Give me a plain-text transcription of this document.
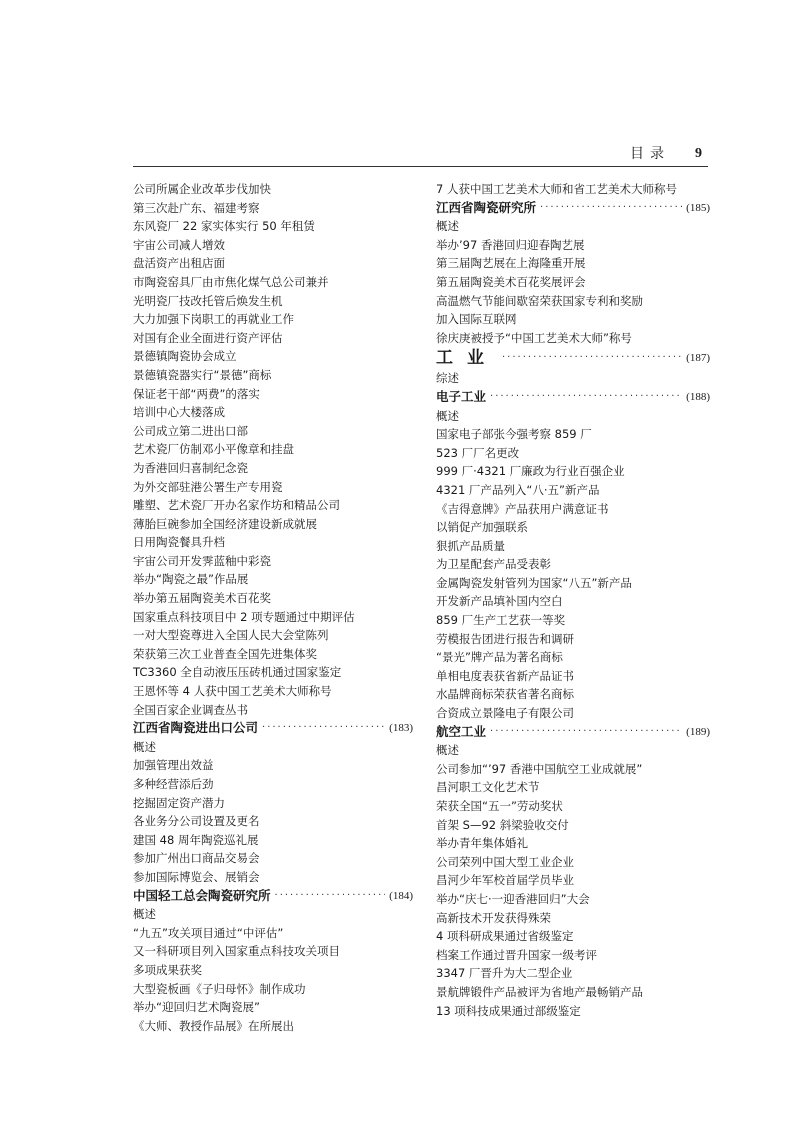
目录 9
公司所属企业改革步伐加快
第三次赴广东、福建考察
东风瓷厂 22 家实体实行 50 年租赁
宇宙公司减人增效
盘活资产出租店面
市陶瓷窑具厂由市焦化煤气总公司兼并
光明瓷厂技改托管后焕发生机
大力加强下岗职工的再就业工作
对国有企业全面进行资产评估
景德镇陶瓷协会成立
景德镇瓷器实行“景德”商标
保证老干部“两费”的落实
培训中心大楼落成
公司成立第二进出口部
艺术瓷厂仿制邓小平像章和挂盘
为香港回归喜制纪念瓷
为外交部驻港公署生产专用瓷
雕塑、艺术瓷厂开办名家作坊和精品公司
薄胎巨碗参加全国经济建设新成就展
日用陶瓷餐具升档
宇宙公司开发霁蓝釉中彩瓷
举办“陶瓷之最”作品展
举办第五届陶瓷美术百花奖
国家重点科技项目中 2 项专题通过中期评估
一对大型瓷尊进入全国人民大会堂陈列
荣获第三次工业普查全国先进集体奖
TC3360 全自动液压压砖机通过国家鉴定
王恩怀等 4 人获中国工艺美术大师称号
全国百家企业调查丛书
江西省陶瓷进出口公司 ·····	(183)
概述
加强管理出效益
多种经营添后劲
挖掘固定资产潜力
各业务分公司设置及更名
建国 48 周年陶瓷巡礼展
参加广州出口商品交易会
参加国际博览会、展销会
中国轻工总会陶瓷研究所 ·····	(184)
概述
“九五”攻关项目通过“中评估”
又一科研项目列入国家重点科技攻关项目
多项成果获奖
大型瓷板画《子归母怀》制作成功
举办“迎回归艺术陶瓷展”
《大师、教授作品展》在所展出
7 人获中国工艺美术大师和省工艺美术大师称号
江西省陶瓷研究所 ·····	(185)
概述
举办’97 香港回归迎春陶艺展
第三届陶艺展在上海隆重开展
第五届陶瓷美术百花奖展评会
高温燃气节能间歇窑荣获国家专利和奖励
加入国际互联网
徐庆庚被授予“中国工艺美术大师”称号
工业 ·····	(187)
综述
电子工业 ·····	(188)
概述
国家电子部张今强考察 859 厂
523 厂厂名更改
999 厂·4321 厂廉政为行业百强企业
4321 厂产品列入“八·五”新产品
《吉得意牌》产品获用户满意证书
以销促产加强联系
狠抓产品质量
为卫星配套产品受表彰
金属陶瓷发射管列为国家“八五”新产品
开发新产品填补国内空白
859 厂生产工艺获一等奖
劳模报告团进行报告和调研
“景光”牌产品为著名商标
单相电度表获省新产品证书
水晶牌商标荣获省著名商标
合资成立景隆电子有限公司
航空工业 ·····	(189)
概述
公司参加“’97 香港中国航空工业成就展”
昌河职工文化艺术节
荣获全国“五一”劳动奖状
首架 S—92 斜梁验收交付
举办青年集体婚礼
公司荣列中国大型工业企业
昌河少年军校首届学员毕业
举办“庆七·一迎香港回归”大会
高新技术开发获得殊荣
4 项科研成果通过省级鉴定
档案工作通过晋升国家一级考评
3347 厂晋升为大二型企业
景航牌锻件产品被评为省地产最畅销产品
13 项科技成果通过部级鉴定
